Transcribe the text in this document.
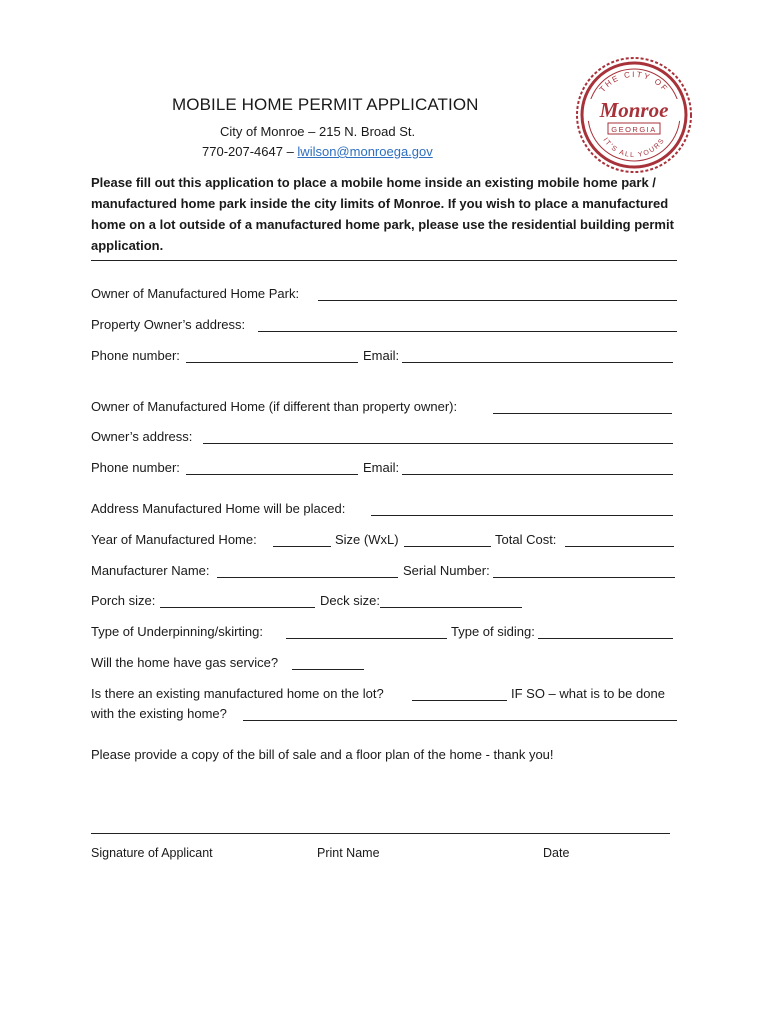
MOBILE HOME PERMIT APPLICATION
City of Monroe – 215 N. Broad St.
770-207-4647 – lwilson@monroega.gov
THE CITY OF
Monroe
GEORGIA
IT'S ALL YOURS
Please fill out this application to place a mobile home inside an existing mobile home park / manufactured home park inside the city limits of Monroe. If you wish to place a manufactured home on a lot outside of a manufactured home park, please use the residential building permit application.
Owner of Manufactured Home Park:
Property Owner’s address:
Phone number:	Email:
Owner of Manufactured Home (if different than property owner):
Owner’s address:
Phone number:	Email:
Address Manufactured Home will be placed:
Year of Manufactured Home:	Size (WxL)	Total Cost:
Manufacturer Name:	Serial Number:
Porch size:	Deck size:
Type of Underpinning/skirting:	Type of siding:
Will the home have gas service?
Is there an existing manufactured home on the lot?	IF SO – what is to be done
with the existing home?
Please provide a copy of the bill of sale and a floor plan of the home - thank you!
Signature of Applicant	Print Name	Date
